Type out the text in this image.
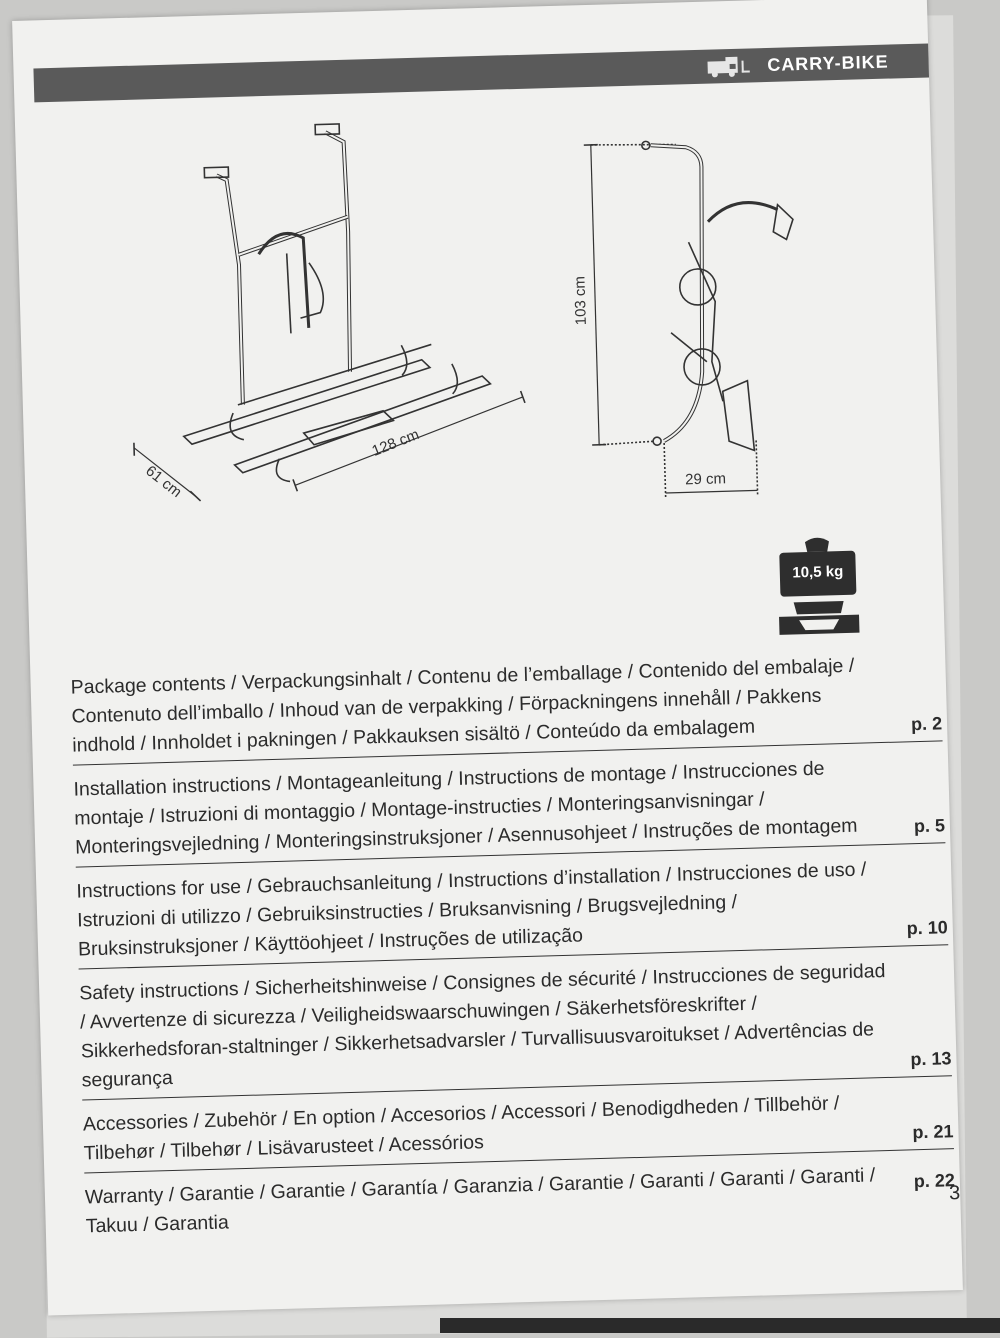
CARRY-BIKE
61 cm
128 cm
103 cm
29 cm
10,5 kg
Package contents / Verpackungsinhalt / Contenu de l’emballage / Contenido del embalaje / Contenuto dell’imballo / Inhoud van de verpakking / Förpackningens innehåll / Pakkens indhold / Innholdet i pakningen / Pakkauksen sisältö / Conteúdo da embalagem	p. 2
Installation instructions / Montageanleitung / Instructions de montage / Instrucciones de montaje / Istruzioni di montaggio / Montage-instructies / Monteringsanvisningar / Monteringsvejledning / Monteringsinstruksjoner / Asennusohjeet / Instruções de montagem	p. 5
Instructions for use / Gebrauchsanleitung / Instructions d’installation / Instrucciones de uso / Istruzioni di utilizzo / Gebruiksinstructies / Bruksanvisning / Brugsvejledning / Bruksinstruksjoner / Käyttöohjeet / Instruções de utilização	p. 10
Safety instructions / Sicherheitshinweise / Consignes de sécurité / Instrucciones de seguridad / Avvertenze di sicurezza / Veiligheidswaarschuwingen / Säkerhetsföreskrifter / Sikkerhedsforan-staltninger / Sikkerhetsadvarsler / Turvallisuusvaroitukset / Advertências de segurança
p. 13
Accessories / Zubehör / En option / Accesorios / Accessori / Benodigdheden / Tillbehör / Tilbehør / Tilbehør / Lisävarusteet / Acessórios	p. 21
Warranty / Garantie / Garantie / Garantía / Garanzia / Garantie / Garanti / Garanti / Garanti / Takuu / Garantia
p. 22
3
